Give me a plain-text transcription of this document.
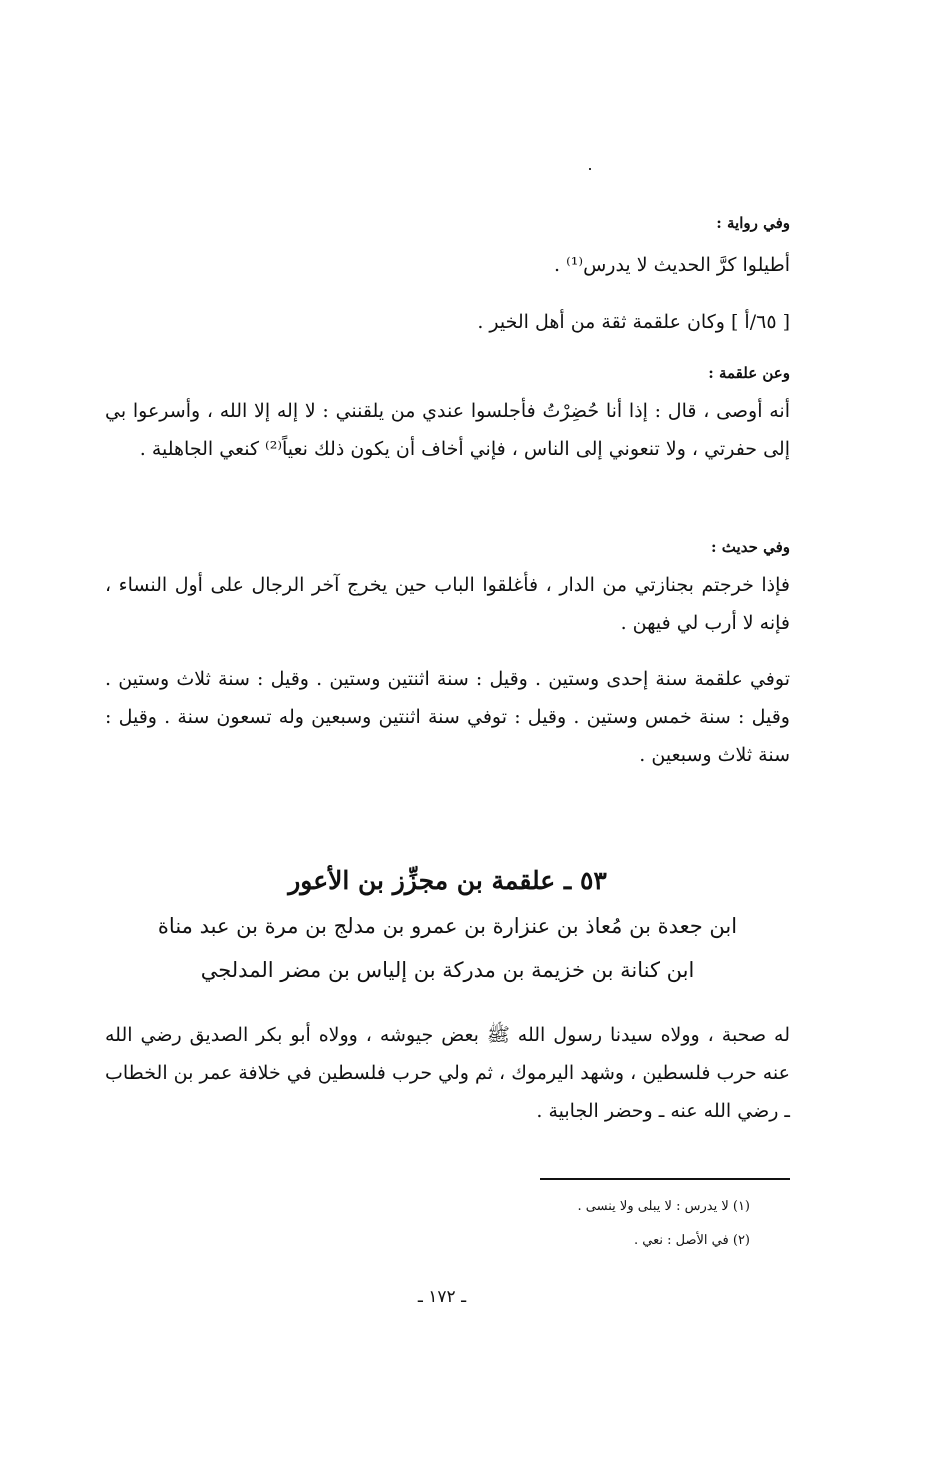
وفي رواية :
أطيلوا كرَّ الحديث لا يدرس⁽¹⁾ .
[ ٦٥/أ ] وكان علقمة ثقة من أهل الخير .
وعن علقمة :
أنه أوصى ، قال : إذا أنا حُضِرْتُ فأجلسوا عندي من يلقنني : لا إله إلا الله ، وأسرعوا بي إلى حفرتي ، ولا تنعوني إلى الناس ، فإني أخاف أن يكون ذلك نعياً⁽²⁾ كنعي الجاهلية .
وفي حديث :
فإذا خرجتم بجنازتي من الدار ، فأغلقوا الباب حين يخرج آخر الرجال على أول النساء ، فإنه لا أرب لي فيهن .
توفي علقمة سنة إحدى وستين . وقيل : سنة اثنتين وستين . وقيل : سنة ثلاث وستين . وقيل : سنة خمس وستين . وقيل : توفي سنة اثنتين وسبعين وله تسعون سنة . وقيل : سنة ثلاث وسبعين .
٥٣ ـ علقمة بن مجزِّز بن الأعور
ابن جعدة بن مُعاذ بن عنزارة بن عمرو بن مدلج بن مرة بن عبد مناة
ابن كنانة بن خزيمة بن مدركة بن إلياس بن مضر المدلجي
له صحبة ، وولاه سيدنا رسول الله ﷺ بعض جيوشه ، وولاه أبو بكر الصديق رضي الله عنه حرب فلسطين ، وشهد اليرموك ، ثم ولي حرب فلسطين في خلافة عمر بن الخطاب ـ رضي الله عنه ـ وحضر الجابية .
(١) لا يدرس : لا يبلى ولا ينسى .
(٢) في الأصل : نعي .
ـ ١٧٢ ـ
